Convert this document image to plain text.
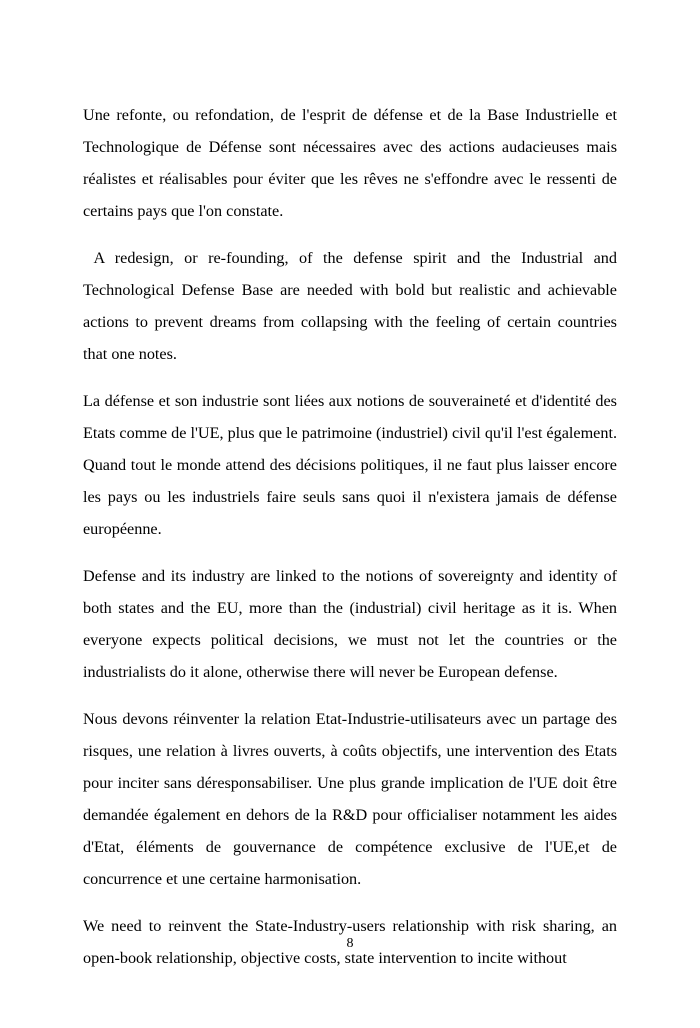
Une refonte, ou refondation, de l'esprit de défense et de la Base Industrielle et Technologique de Défense sont nécessaires avec des actions audacieuses mais réalistes et réalisables pour éviter que les rêves ne s'effondre avec le ressenti de certains pays que l'on constate.

A redesign, or re-founding, of the defense spirit and the Industrial and Technological Defense Base are needed with bold but realistic and achievable actions to prevent dreams from collapsing with the feeling of certain countries that one notes.

La défense et son industrie sont liées aux notions de souveraineté et d'identité des Etats comme de l'UE, plus que le patrimoine (industriel) civil qu'il l'est également. Quand tout le monde attend des décisions politiques, il ne faut plus laisser encore les pays ou les industriels faire seuls sans quoi il n'existera jamais de défense européenne.

Defense and its industry are linked to the notions of sovereignty and identity of both states and the EU, more than the (industrial) civil heritage as it is. When everyone expects political decisions, we must not let the countries or the industrialists do it alone, otherwise there will never be European defense.

Nous devons réinventer la relation Etat-Industrie-utilisateurs avec un partage des risques, une relation à livres ouverts, à coûts objectifs, une intervention des Etats pour inciter sans déresponsabiliser. Une plus grande implication de l'UE doit être demandée également en dehors de la R&D pour officialiser notamment les aides d'Etat, éléments de gouvernance de compétence exclusive de l'UE,et de concurrence et une certaine harmonisation.

We need to reinvent the State-Industry-users relationship with risk sharing, an open-book relationship, objective costs, state intervention to incite without

8
